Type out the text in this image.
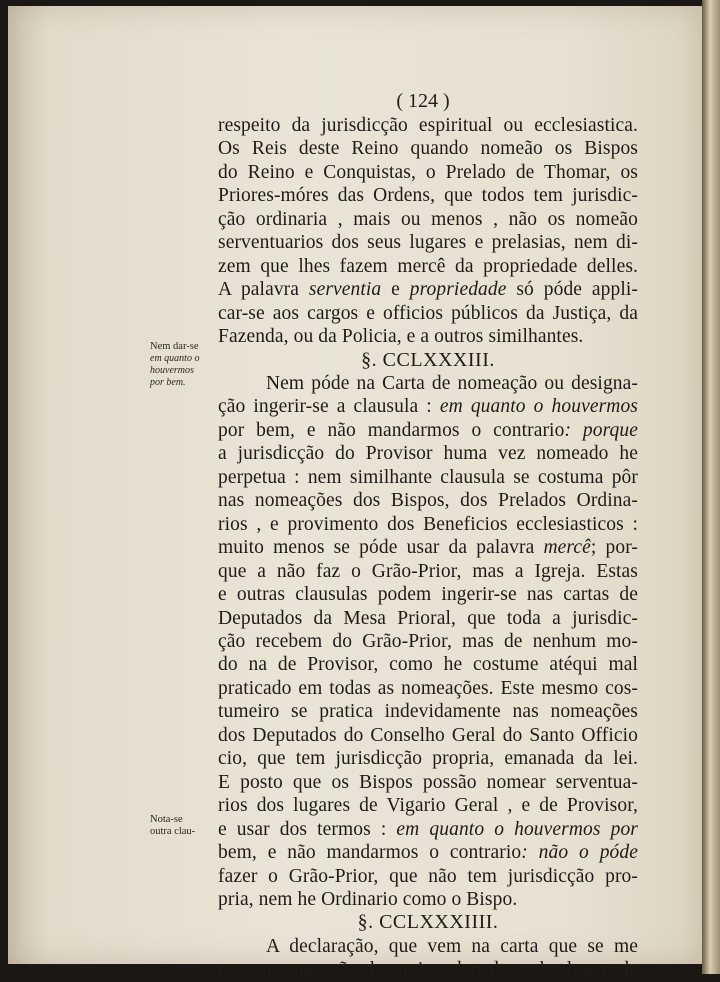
( 124 )
Nem dar-se
em quanto o
houvermos
por bem.
Nota-se
outra clau-
respeito da jurisdicção espiritual ou ecclesiastica.
Os Reis deste Reino quando nomeão os Bispos
do Reino e Conquistas, o Prelado de Thomar, os
Priores-móres das Ordens, que todos tem jurisdic-
ção ordinaria , mais ou menos , não os nomeão
serventuarios dos seus lugares e prelasias, nem di-
zem que lhes fazem mercê da propriedade delles.
A palavra serventia e propriedade só póde appli-
car-se aos cargos e officios públicos da Justiça, da
Fazenda, ou da Policia, e a outros similhantes.
§. CCLXXXIII.
Nem póde na Carta de nomeação ou designa-
ção ingerir-se a clausula : em quanto o houvermos
por bem, e não mandarmos o contrario: porque
a jurisdicção do Provisor huma vez nomeado he
perpetua : nem similhante clausula se costuma pôr
nas nomeações dos Bispos, dos Prelados Ordina-
rios , e provimento dos Beneficios ecclesiasticos :
muito menos se póde usar da palavra mercê; por-
que a não faz o Grão-Prior, mas a Igreja. Estas
e outras clausulas podem ingerir-se nas cartas de
Deputados da Mesa Prioral, que toda a jurisdic-
ção recebem do Grão-Prior, mas de nenhum mo-
do na de Provisor, como he costume atéqui mal
praticado em todas as nomeações. Este mesmo cos-
tumeiro se pratica indevidamente nas nomeações
dos Deputados do Conselho Geral do Santo Officio
cio, que tem jurisdicção propria, emanada da lei.
E posto que os Bispos possão nomear serventua-
rios dos lugares de Vigario Geral , e de Provisor,
e usar dos termos : em quanto o houvermos por
bem, e não mandarmos o contrario: não o póde
fazer o Grão-Prior, que não tem jurisdicção pro-
pria, nem he Ordinario como o Bispo.
§. CCLXXXIIII.
A declaração, que vem na carta que se me
passou, que não levarei ordenado pelo lugar de
